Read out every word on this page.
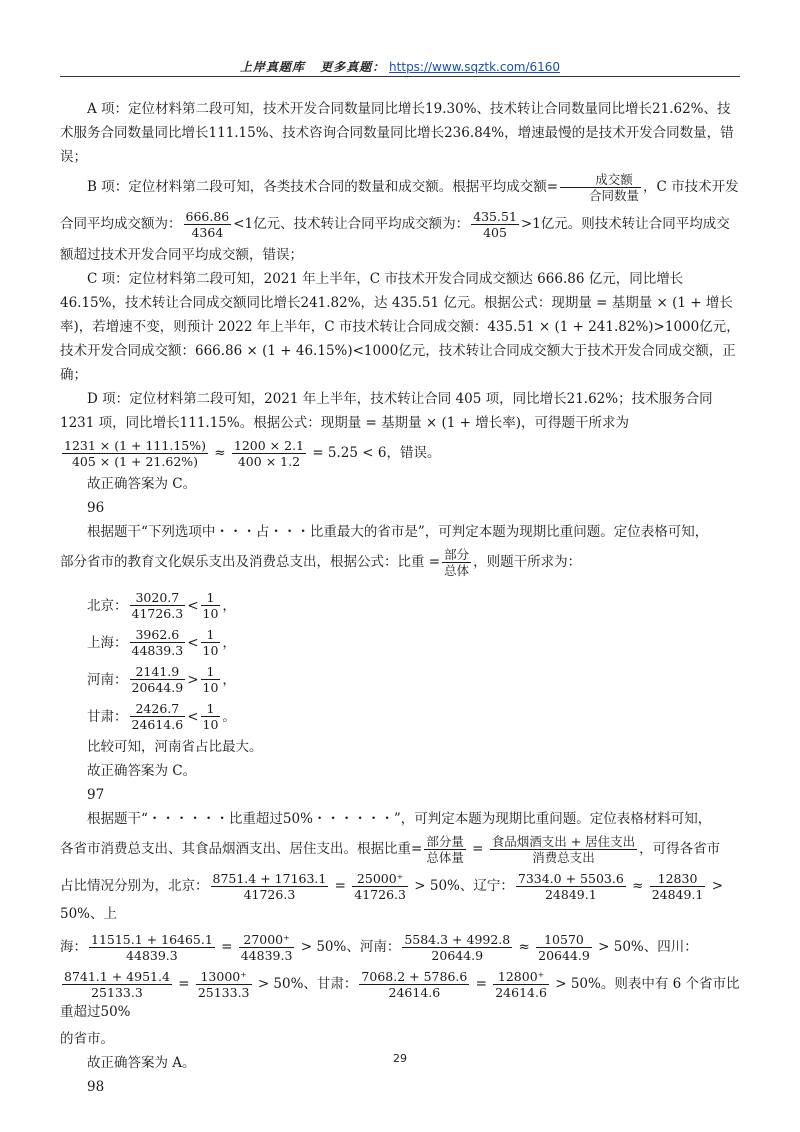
上岸真题库 更多真题： https://www.sqztk.com/6160

A 项：定位材料第二段可知，技术开发合同数量同比增长19.30%、技术转让合同数量同比增长21.62%、技术服务合同数量同比增长111.15%、技术咨询合同数量同比增长236.84%，增速最慢的是技术开发合同数量，错误；

B 项：定位材料第二段可知，各类技术合同的数量和成交额。根据平均成交额= $\frac{\text{成交额}}{\text{合同数量}}$ ，C 市技术开发
合同平均成交额为： $\frac{666.86}{4364} <1$亿元、技术转让合同平均成交额为： $\frac{435.51}{405} >1$亿元。则技术转让合同平均成交

额超过技术开发合同平均成交额，错误；

C 项：定位材料第二段可知，2021 年上半年，C 市技术开发合同成交额达 666.86 亿元，同比增长46.15%，技术转让合同成交额同比增长241.82%，达 435.51 亿元。根据公式：现期量 = 基期量 × (1 + 增长率)，若增速不变，则预计 2022 年上半年，C 市技术转让合同成交额：435.51 × (1 + 241.82%)>1000亿元，技术开发合同成交额：666.86 × (1 + 46.15%)<1000亿元，技术转让合同成交额大于技术开发合同成交额，正确；

D 项：定位材料第二段可知，2021 年上半年，技术转让合同 405 项，同比增长21.62%；技术服务合同 1231 项，同比增长111.15%。根据公式：现期量 = 基期量 × (1 + 增长率)，可得题干所求为

$\frac{1231 \times (1 + 111.15\%)}{405 \times (1 + 21.62\%)} \approx \frac{1200 \times 2.1}{400 \times 1.2} = 5.25 < 6$，错误。

故正确答案为 C。

96

根据题干“下列选项中・・・占・・・比重最大的省市是”，可判定本题为现期比重问题。定位表格可知，

部分省市的教育文化娱乐支出及消费总支出，根据公式：比重 = $\frac{\text{部分}}{\text{总体}}$ ，则题干所求为：
北京： $\frac{3020.7}{41726.3} < \frac{1}{10}$ ，
上海： $\frac{3962.6}{44839.3} < \frac{1}{10}$ ，
河南： $\frac{2141.9}{20644.9} > \frac{1}{10}$ ，
甘肃： $\frac{2426.7}{24614.6} < \frac{1}{10}$ 。

比较可知，河南省占比最大。

故正确答案为 C。

97

根据题干“・・・・・・比重超过50%・・・・・・”，可判定本题为现期比重问题。定位表格材料可知，

各省市消费总支出、其食品烟酒支出、居住支出。根据比重= $\frac{\text{部分量}}{\text{总体量}} = \frac{\text{食品烟酒支出 + 居住支出}}{\text{消费总支出}}$ ，可得各省市
占比情况分别为，北京： $\frac{8751.4 + 17163.1}{41726.3} = \frac{25000^+}{41726.3} > 50\%$、辽宁： $\frac{7334.0 + 5503.6}{24849.1} \approx \frac{12830}{24849.1} > 50\%$、上
海： $\frac{11515.1 + 16465.1}{44839.3} = \frac{27000^+}{44839.3} > 50\%$、河南： $\frac{5584.3 + 4992.8}{20644.9} \approx \frac{10570}{20644.9} > 50\%$、四川：
$\frac{8741.1 + 4951.4}{25133.3} = \frac{13000^+}{25133.3} > 50\%$、甘肃： $\frac{7068.2 + 5786.6}{24614.6} = \frac{12800^+}{24614.6} > 50\%$。则表中有 6 个省市比重超过50%

的省市。

故正确答案为 A。

98

29
